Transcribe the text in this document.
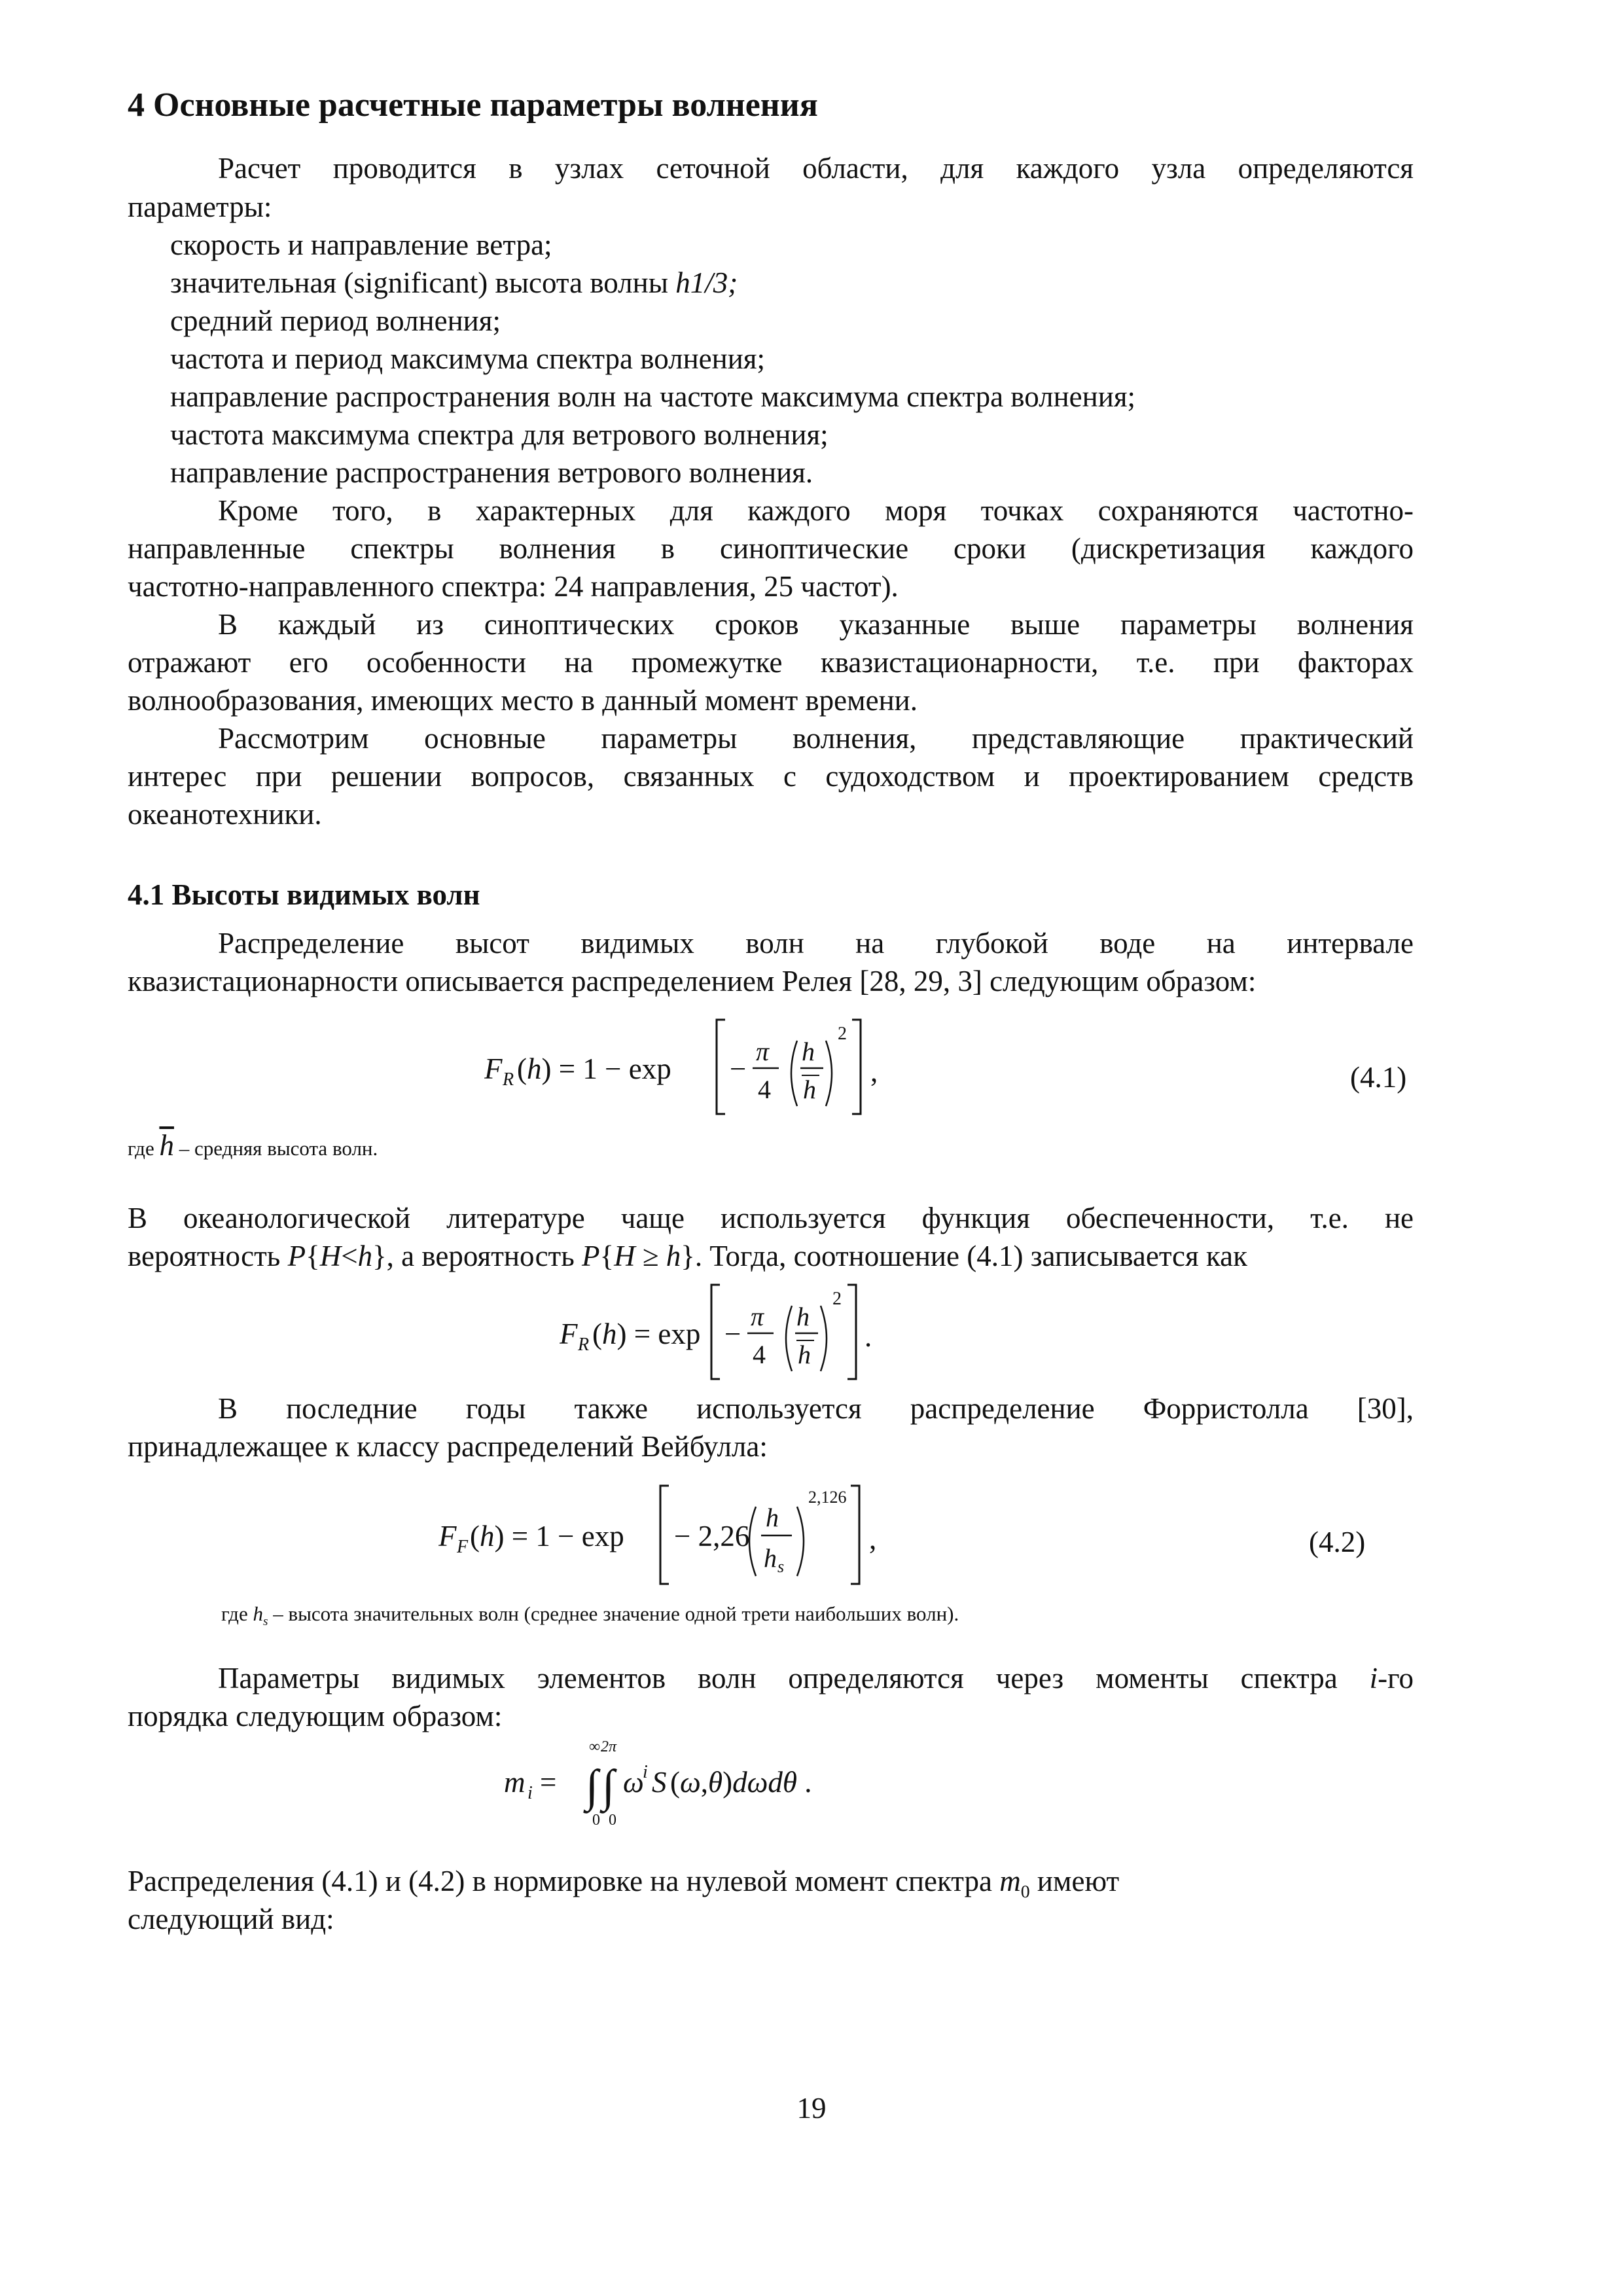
4 Основные расчетные параметры волнения
Расчет проводится в узлах сеточной области, для каждого узла определяются
параметры:
скорость и направление ветра;
значительная (significant) высота волны h1/3;
средний период волнения;
частота и период максимума спектра волнения;
направление распространения волн на частоте максимума спектра волнения;
частота максимума спектра для ветрового волнения;
направление распространения ветрового волнения.
Кроме того, в характерных для каждого моря точках сохраняются частотно-
направленные спектры волнения в синоптические сроки (дискретизация каждого
частотно-направленного спектра: 24 направления, 25 частот).
В каждый из синоптических сроков указанные выше параметры волнения
отражают его особенности на промежутке квазистационарности, т.е. при факторах
волнообразования, имеющих место в данный момент времени.
Рассмотрим основные параметры волнения, представляющие практический
интерес при решении вопросов, связанных с судоходством и проектированием средств
океанотехники.
4.1 Высоты видимых волн
Распределение высот видимых волн на глубокой воде на интервале
квазистационарности описывается распределением Релея [28, 29, 3] следующим образом:
F R (h) = 1 − exp −
π
4
h
h
2
,	(4.1)
где $\overline{h}$ – средняя высота волн.
В океанологической литературе чаще используется функция обеспеченности, т.е. не
вероятность P{H<h}, а вероятность P{H ≥ h}. Тогда, соотношение (4.1) записывается как
F R (h) = exp −
π
4
h
h
2
.
В последние годы также используется распределение Форристолла [30],
принадлежащее к классу распределений Вейбулла:
F F (h) = 1 − exp − 2,26
h
h s
2,126
,	(4.2)
где $h_s$ – высота значительных волн (среднее значение одной трети наибольших волн).
Параметры видимых элементов волн определяются через моменты спектра i-го
порядка следующим образом:
m i =
∞ 2π
∫ ∫
0 0
ω
i S (ω,θ)dωdθ .
Распределения (4.1) и (4.2) в нормировке на нулевой момент спектра $m_0$ имеют
следующий вид:
19
